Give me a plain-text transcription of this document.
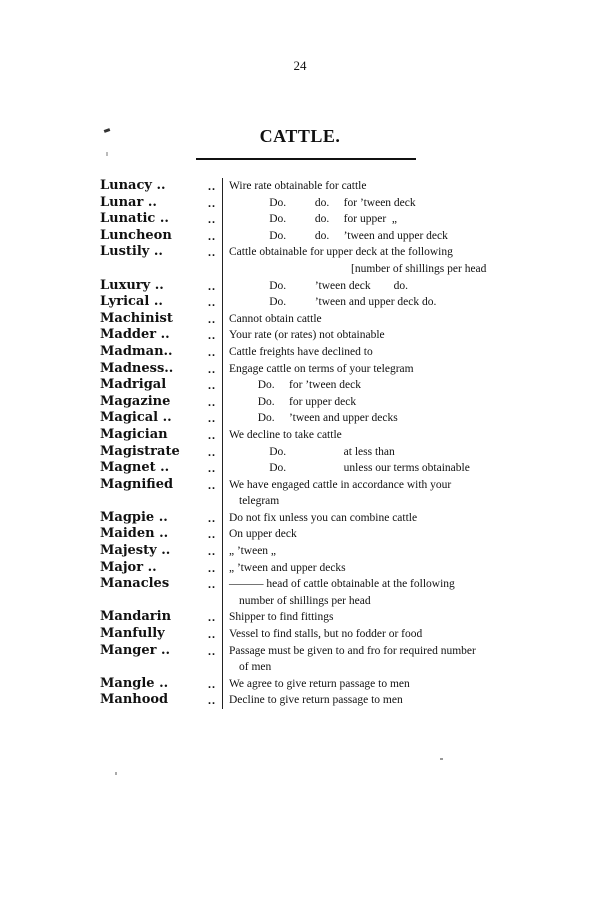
24
CATTLE.
Lunacy ..	..	Wire rate obtainable for cattle
Lunar ..	..	Do.          do.     for ’tween deck
Lunatic ..	..	Do.          do.     for upper  „
Luncheon	..	Do.          do.     ’tween and upper deck
Lustily ..	..	Cattle obtainable for upper deck at the following
[number of shillings per head
Luxury ..	..	Do.          ’tween deck        do.
Lyrical ..	..	Do.          ’tween and upper deck do.
Machinist	..	Cannot obtain cattle
Madder ..	..	Your rate (or rates) not obtainable
Madman..	..	Cattle freights have declined to
Madness..	..	Engage cattle on terms of your telegram
Madrigal	..	Do.     for ’tween deck
Magazine	..	Do.     for upper deck
Magical ..	..	Do.     ’tween and upper decks
Magician	..	We decline to take cattle
Magistrate	..	Do.                    at less than
Magnet ..	..	Do.                    unless our terms obtainable
Magnified	..	We have engaged cattle in accordance with your
telegram
Magpie ..	..	Do not fix unless you can combine cattle
Maiden ..	..	On upper deck
Majesty ..	..	„ ’tween „
Major ..	..	„ ’tween and upper decks
Manacles	..	——— head of cattle obtainable at the following
number of shillings per head
Mandarin	..	Shipper to find fittings
Manfully	..	Vessel to find stalls, but no fodder or food
Manger ..	..	Passage must be given to and fro for required number
of men
Mangle ..	..	We agree to give return passage to men
Manhood	..	Decline to give return passage to men
